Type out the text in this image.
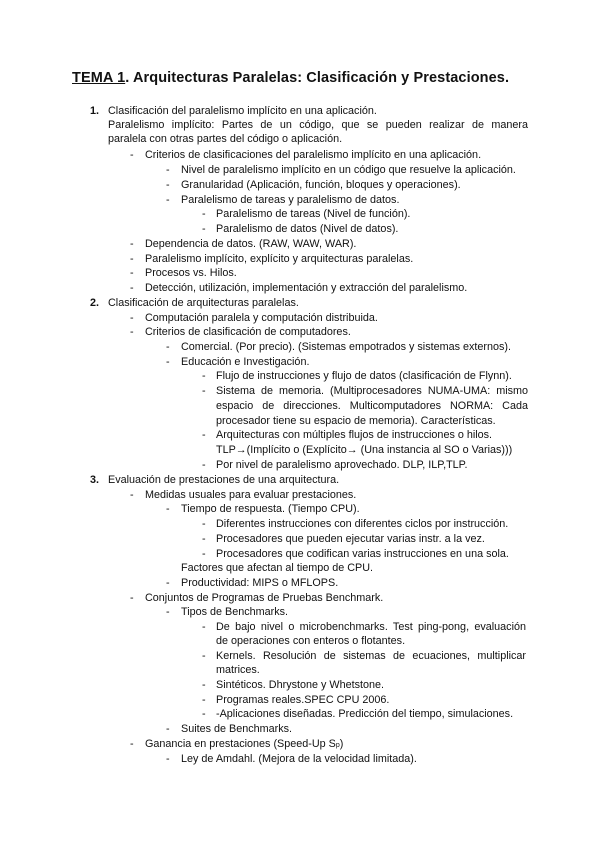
TEMA 1. Arquitecturas Paralelas: Clasificación y Prestaciones.
1. Clasificación del paralelismo implícito en una aplicación.
Paralelismo implícito: Partes de un código, que se pueden realizar de manera
paralela con otras partes del código o aplicación.
- Criterios de clasificaciones del paralelismo implícito en una aplicación.
- Nivel de paralelismo implícito en un código que resuelve la aplicación.
- Granularidad (Aplicación, función, bloques y operaciones).
- Paralelismo de tareas y paralelismo de datos.
- Paralelismo de tareas (Nivel de función).
- Paralelismo de datos (Nivel de datos).
- Dependencia de datos. (RAW, WAW, WAR).
- Paralelismo implícito, explícito y arquitecturas paralelas.
- Procesos vs. Hilos.
- Detección, utilización, implementación y extracción del paralelismo.
2. Clasificación de arquitecturas paralelas.
- Computación paralela y computación distribuida.
- Criterios de clasificación de computadores.
- Comercial. (Por precio). (Sistemas empotrados y sistemas externos).
- Educación e Investigación.
- Flujo de instrucciones y flujo de datos (clasificación de Flynn).
- Sistema de memoria. (Multiprocesadores NUMA-UMA: mismo
espacio de direcciones. Multicomputadores NORMA: Cada
procesador tiene su espacio de memoria). Características.
- Arquitecturas con múltiples flujos de instrucciones o hilos.
TLP→(Implícito o (Explícito→ (Una instancia al SO o Varias)))
- Por nivel de paralelismo aprovechado. DLP, ILP,TLP.
3. Evaluación de prestaciones de una arquitectura.
- Medidas usuales para evaluar prestaciones.
- Tiempo de respuesta. (Tiempo CPU).
- Diferentes instrucciones con diferentes ciclos por instrucción.
- Procesadores que pueden ejecutar varias instr. a la vez.
- Procesadores que codifican varias instrucciones en una sola.
Factores que afectan al tiempo de CPU.
- Productividad: MIPS o MFLOPS.
- Conjuntos de Programas de Pruebas Benchmark.
- Tipos de Benchmarks.
- De bajo nivel o microbenchmarks. Test ping-pong, evaluación
de operaciones con enteros o flotantes.
- Kernels. Resolución de sistemas de ecuaciones, multiplicar
matrices.
- Sintéticos. Dhrystone y Whetstone.
- Programas reales.SPEC CPU 2006.
- -Aplicaciones diseñadas. Predicción del tiempo, simulaciones.
- Suites de Benchmarks.
- Ganancia en prestaciones (Speed-Up Sp)
- Ley de Amdahl. (Mejora de la velocidad limitada).
